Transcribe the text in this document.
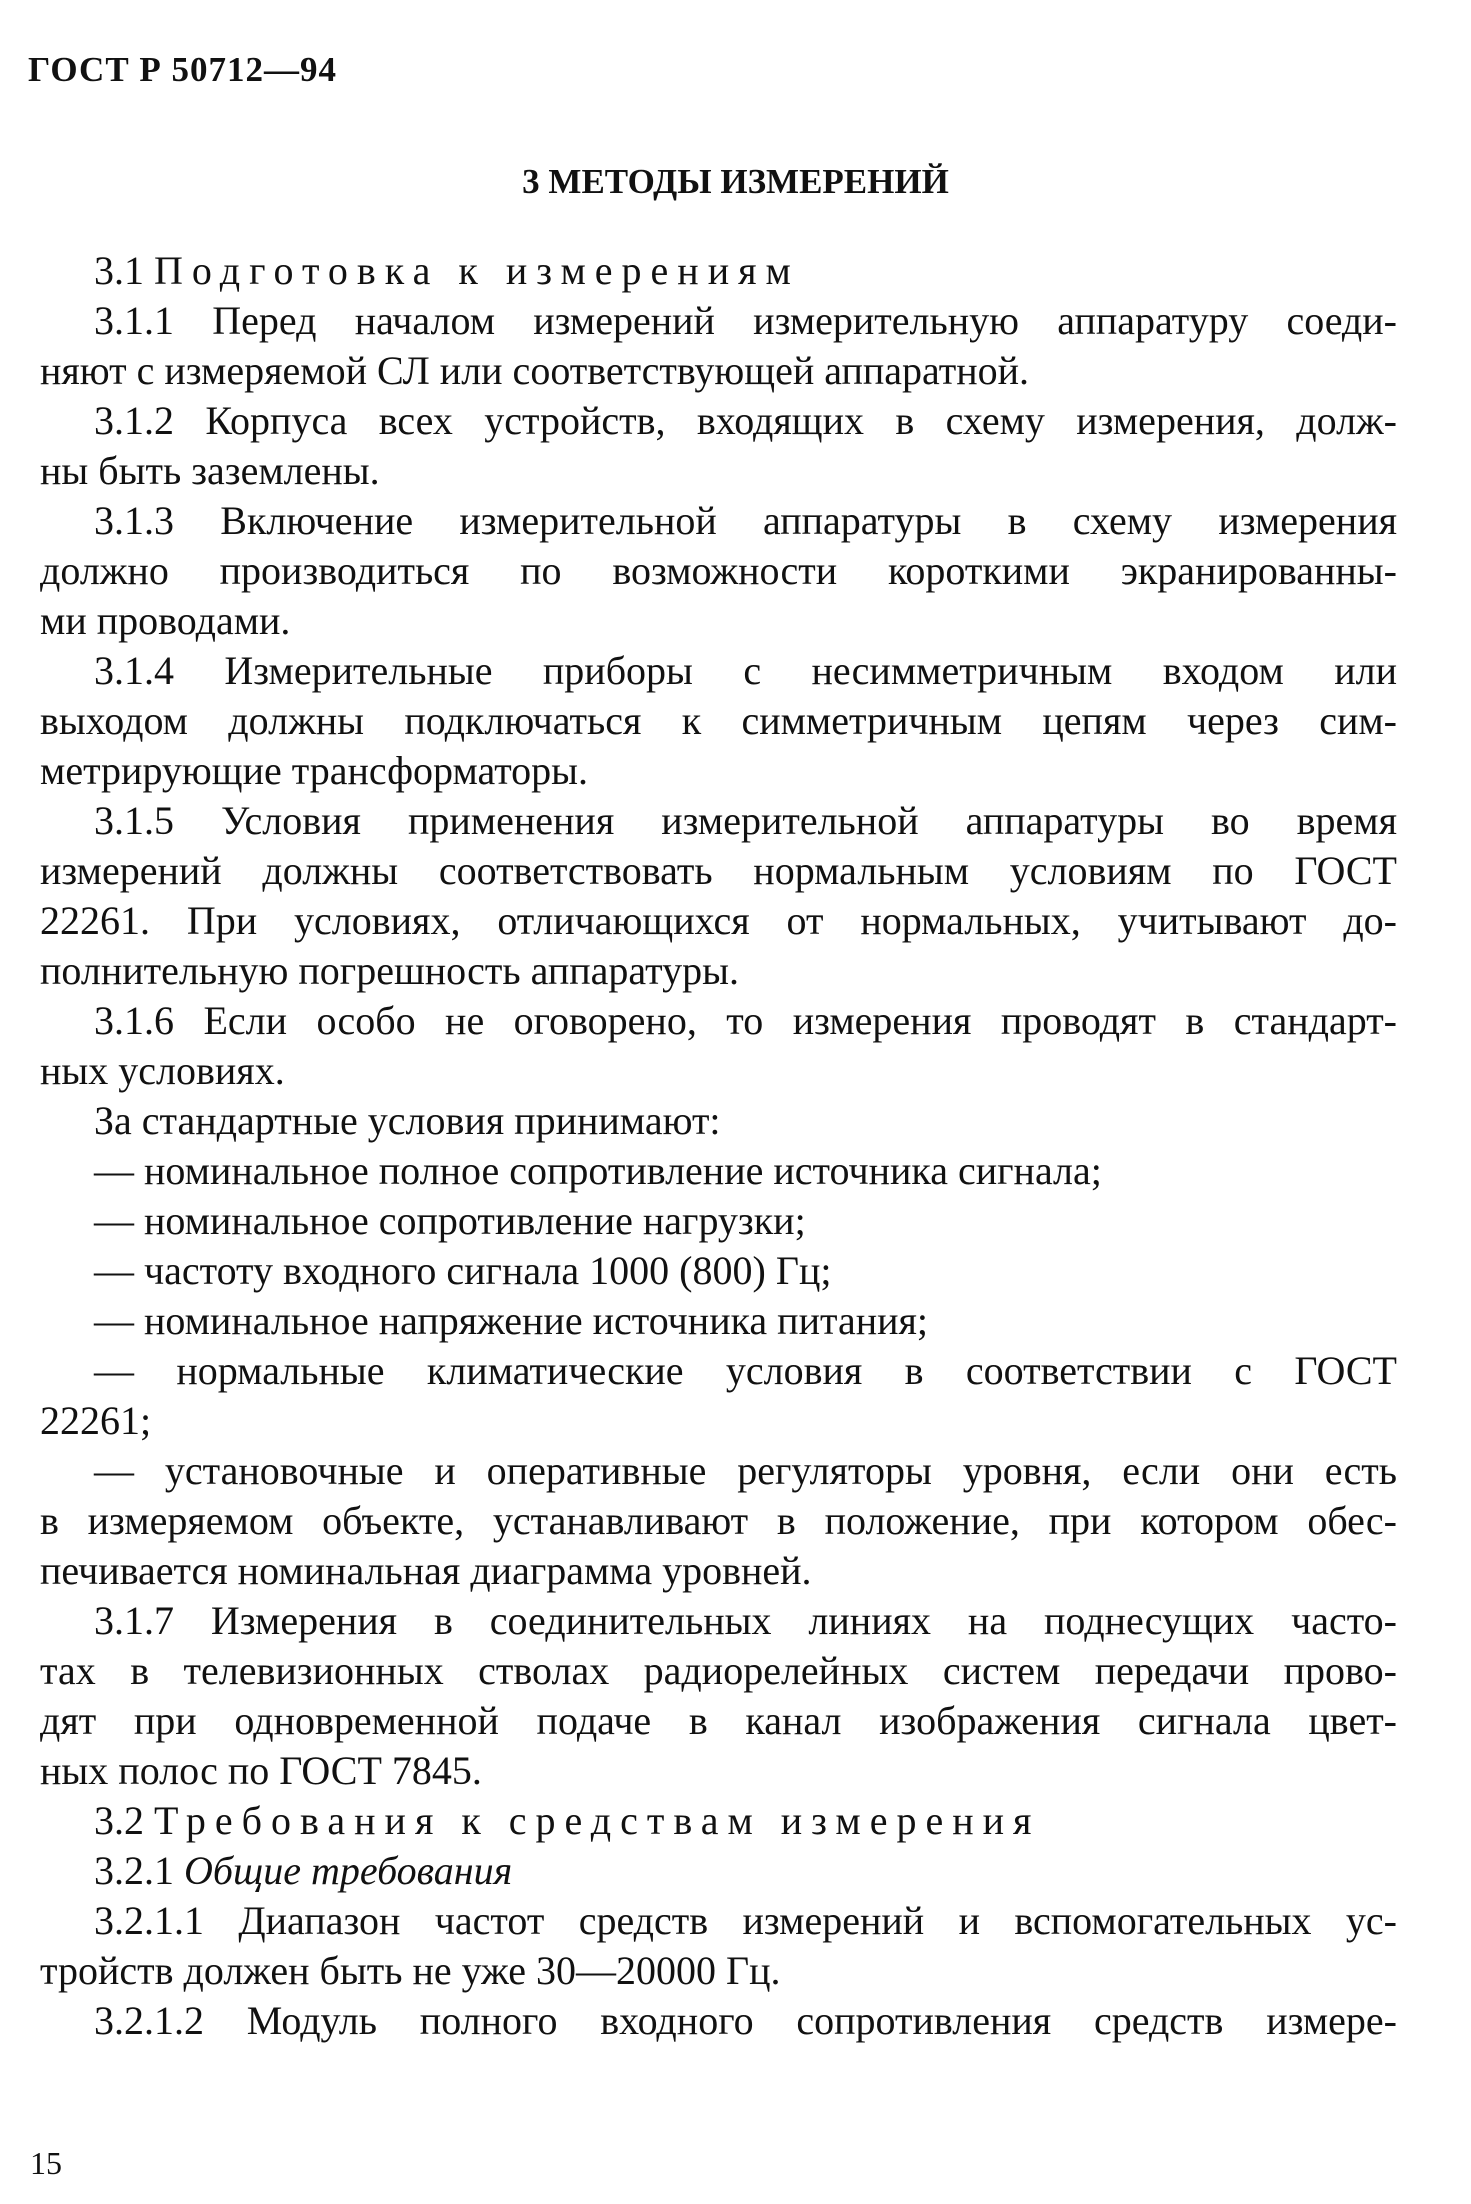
ГОСТ Р 50712—94
3 МЕТОДЫ ИЗМЕРЕНИЙ
3.1 Подготовка к измерениям
3.1.1 Перед началом измерений измерительную аппаратуру соеди-
няют с измеряемой СЛ или соответствующей аппаратной.
3.1.2 Корпуса всех устройств, входящих в схему измерения, долж-
ны быть заземлены.
3.1.3 Включение измерительной аппаратуры в схему измерения
должно производиться по возможности короткими экранированны-
ми проводами.
3.1.4 Измерительные приборы с несимметричным входом или
выходом должны подключаться к симметричным цепям через сим-
метрирующие трансформаторы.
3.1.5 Условия применения измерительной аппаратуры во время
измерений должны соответствовать нормальным условиям по ГОСТ
22261. При условиях, отличающихся от нормальных, учитывают до-
полнительную погрешность аппаратуры.
3.1.6 Если особо не оговорено, то измерения проводят в стандарт-
ных условиях.
За стандартные условия принимают:
— номинальное полное сопротивление источника сигнала;
— номинальное сопротивление нагрузки;
— частоту входного сигнала 1000 (800) Гц;
— номинальное напряжение источника питания;
— нормальные климатические условия в соответствии с ГОСТ
22261;
— установочные и оперативные регуляторы уровня, если они есть
в измеряемом объекте, устанавливают в положение, при котором обес-
печивается номинальная диаграмма уровней.
3.1.7 Измерения в соединительных линиях на поднесущих часто-
тах в телевизионных стволах радиорелейных систем передачи прово-
дят при одновременной подаче в канал изображения сигнала цвет-
ных полос по ГОСТ 7845.
3.2 Требования к средствам измерения
3.2.1 Общие требования
3.2.1.1 Диапазон частот средств измерений и вспомогательных ус-
тройств должен быть не уже 30—20000 Гц.
3.2.1.2 Модуль полного входного сопротивления средств измере-
15
